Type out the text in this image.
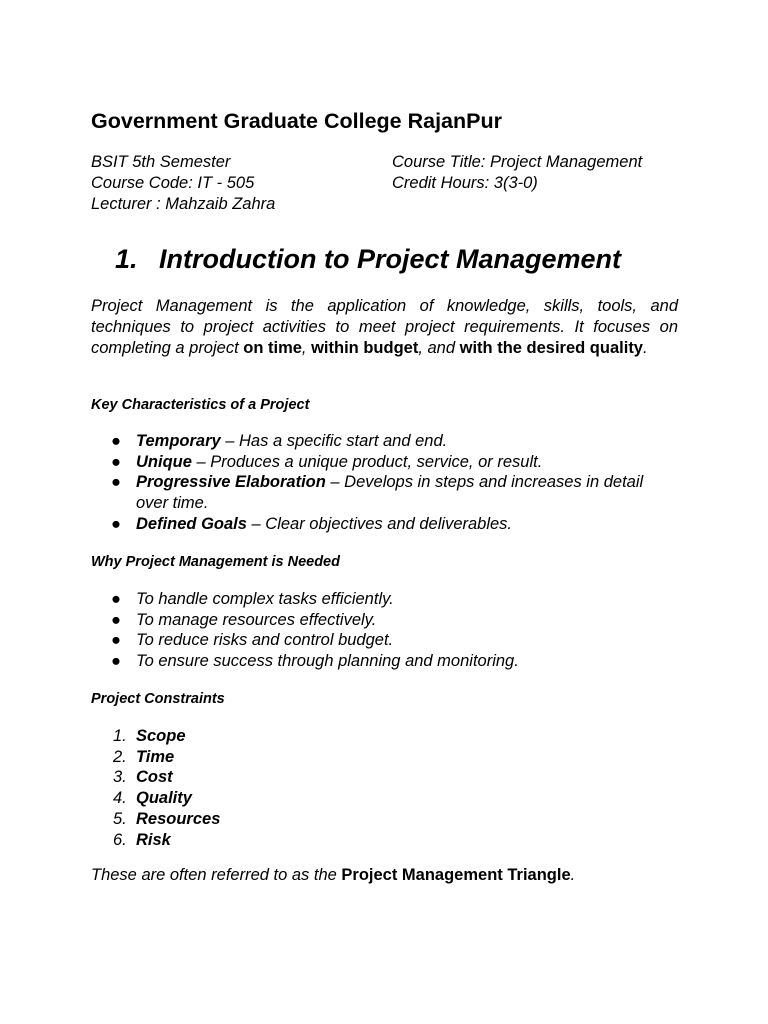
Government Graduate College RajanPur
BSIT 5th Semester
Course Code: IT - 505
Lecturer : Mahzaib Zahra
Course Title: Project Management
Credit Hours: 3(3-0)
1. Introduction to Project Management
Project Management is the application of knowledge, skills, tools, and techniques to project activities to meet project requirements. It focuses on completing a project on time, within budget, and with the desired quality.
Key Characteristics of a Project
● Temporary – Has a specific start and end.
● Unique – Produces a unique product, service, or result.
● Progressive Elaboration – Develops in steps and increases in detail over time.
● Defined Goals – Clear objectives and deliverables.
Why Project Management is Needed
● To handle complex tasks efficiently.
● To manage resources effectively.
● To reduce risks and control budget.
● To ensure success through planning and monitoring.
Project Constraints
1. Scope
2. Time
3. Cost
4. Quality
5. Resources
6. Risk
These are often referred to as the Project Management Triangle.
